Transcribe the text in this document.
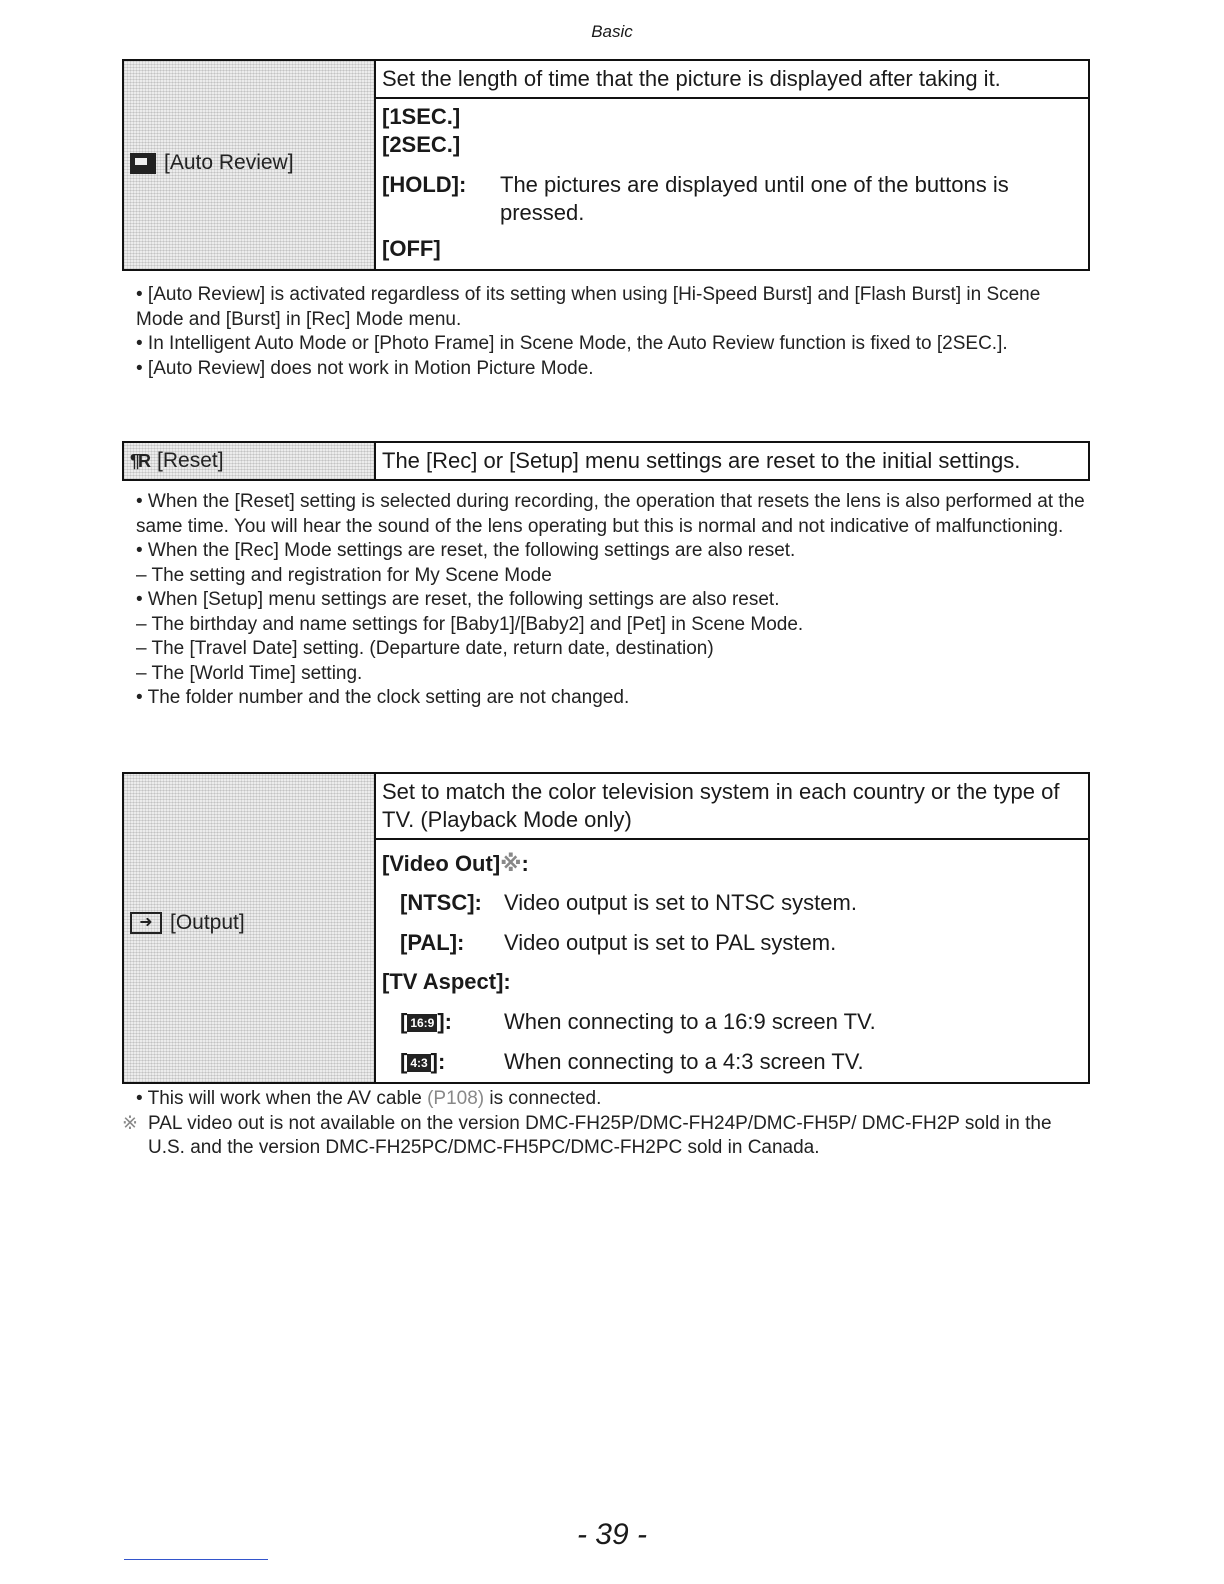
Basic
[Auto Review]
	Set the length of time that the picture is displayed after taking it.

[1SEC.]
[2SEC.]
[HOLD]:	The pictures are displayed until one of the buttons is pressed.
[OFF]
• [Auto Review] is activated regardless of its setting when using [Hi-Speed Burst] and [Flash Burst] in Scene Mode and [Burst] in [Rec] Mode menu.
• In Intelligent Auto Mode or [Photo Frame] in Scene Mode, the Auto Review function is fixed to [2SEC.].
• [Auto Review] does not work in Motion Picture Mode.
¶R [Reset]	The [Rec] or [Setup] menu settings are reset to the initial settings.
• When the [Reset] setting is selected during recording, the operation that resets the lens is also performed at the same time. You will hear the sound of the lens operating but this is normal and not indicative of malfunctioning.
• When the [Rec] Mode settings are reset, the following settings are also reset.
– The setting and registration for My Scene Mode
• When [Setup] menu settings are reset, the following settings are also reset.
– The birthday and name settings for [Baby1]/[Baby2] and [Pet] in Scene Mode.
– The [Travel Date] setting. (Departure date, return date, destination)
– The [World Time] setting.
• The folder number and the clock setting are not changed.
➜ [Output]
	Set to match the color television system in each country or the type of TV. (Playback Mode only)

[Video Out]※:
[NTSC]:	Video output is set to NTSC system.
[PAL]:	Video output is set to PAL system.
[TV Aspect]:
[ 16:9 ]:	When connecting to a 16:9 screen TV.
[ 4:3 ]:	When connecting to a 4:3 screen TV.
• This will work when the AV cable (P108) is connected.
※ PAL video out is not available on the version DMC-FH25P/DMC-FH24P/DMC-FH5P/ DMC-FH2P sold in the U.S. and the version DMC-FH25PC/DMC-FH5PC/DMC-FH2PC sold in Canada.
- 39 -
